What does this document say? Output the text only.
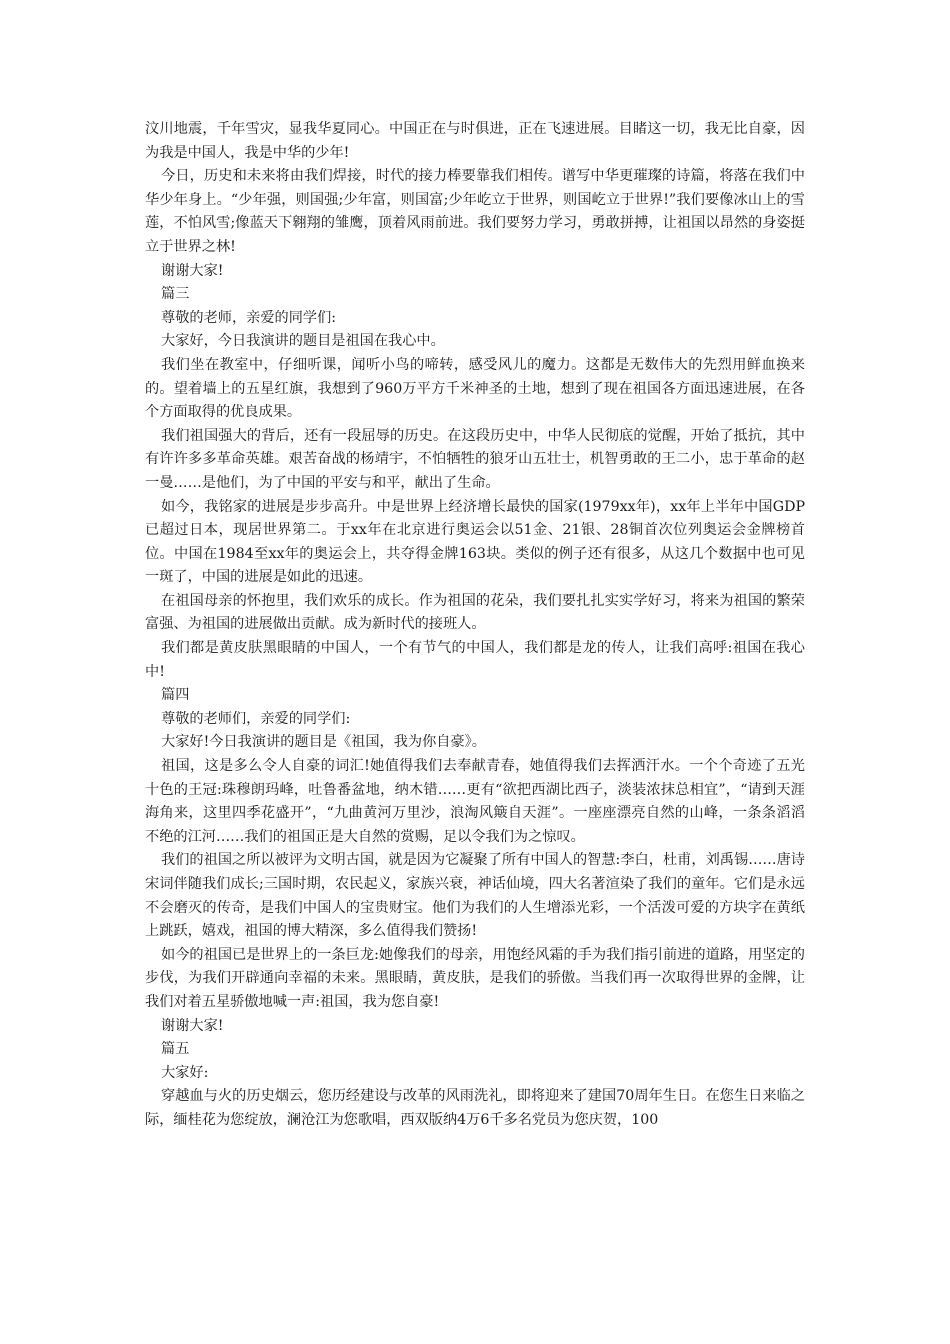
汶川地震，千年雪灾，显我华夏同心。中国正在与时俱进，正在飞速进展。目睹这一切，我无比自豪，因为我是中国人，我是中华的少年!

今日，历史和未来将由我们焊接，时代的接力棒要靠我们相传。谱写中华更璀璨的诗篇，将落在我们中华少年身上。“少年强，则国强;少年富，则国富;少年屹立于世界，则国屹立于世界!”我们要像冰山上的雪莲，不怕风雪;像蓝天下翱翔的雏鹰，顶着风雨前进。我们要努力学习，勇敢拼搏，让祖国以昂然的身姿挺立于世界之林!

谢谢大家!

篇三

尊敬的老师，亲爱的同学们:

大家好，今日我演讲的题目是祖国在我心中。

我们坐在教室中，仔细听课，闻听小鸟的啼转，感受风儿的魔力。这都是无数伟大的先烈用鲜血换来的。望着墙上的五星红旗，我想到了960万平方千米神圣的土地，想到了现在祖国各方面迅速进展，在各个方面取得的优良成果。

我们祖国强大的背后，还有一段屈辱的历史。在这段历史中，中华人民彻底的觉醒，开始了抵抗，其中有许许多多革命英雄。艰苦奋战的杨靖宇，不怕牺牲的狼牙山五壮士，机智勇敢的王二小，忠于革命的赵一曼……是他们，为了中国的平安与和平，献出了生命。

如今，我铭家的进展是步步高升。中是世界上经济增长最快的国家(1979xx年)，xx年上半年中国GDP已超过日本，现居世界第二。于xx年在北京进行奥运会以51金、21银、28铜首次位列奥运会金牌榜首位。中国在1984至xx年的奥运会上，共夺得金牌163块。类似的例子还有很多，从这几个数据中也可见一斑了，中国的进展是如此的迅速。

在祖国母亲的怀抱里，我们欢乐的成长。作为祖国的花朵，我们要扎扎实实学好习，将来为祖国的繁荣富强、为祖国的进展做出贡献。成为新时代的接班人。

我们都是黄皮肤黑眼睛的中国人，一个有节气的中国人，我们都是龙的传人，让我们高呼:祖国在我心中!

篇四

尊敬的老师们，亲爱的同学们:

大家好!今日我演讲的题目是《祖国，我为你自豪》。

祖国，这是多么令人自豪的词汇!她值得我们去奉献青春，她值得我们去挥洒汗水。一个个奇迹了五光十色的王冠:珠穆朗玛峰，吐鲁番盆地，纳木错……更有“欲把西湖比西子，淡装浓抹总相宜”，“请到天涯海角来，这里四季花盛开”，“九曲黄河万里沙，浪淘风簸自天涯”。一座座漂亮自然的山峰，一条条滔滔不绝的江河……我们的祖国正是大自然的赏赐，足以令我们为之惊叹。

我们的祖国之所以被评为文明古国，就是因为它凝聚了所有中国人的智慧:李白，杜甫，刘禹锡……唐诗宋词伴随我们成长;三国时期，农民起义，家族兴衰，神话仙境，四大名著渲染了我们的童年。它们是永远不会磨灭的传奇，是我们中国人的宝贵财宝。他们为我们的人生增添光彩，一个活泼可爱的方块字在黄纸上跳跃，嬉戏，祖国的博大精深，多么值得我们赞扬!

如今的祖国已是世界上的一条巨龙:她像我们的母亲，用饱经风霜的手为我们指引前进的道路，用坚定的步伐，为我们开辟通向幸福的未来。黑眼睛，黄皮肤，是我们的骄傲。当我们再一次取得世界的金牌，让我们对着五星骄傲地喊一声:祖国，我为您自豪!

谢谢大家!

篇五

大家好:

穿越血与火的历史烟云，您历经建设与改革的风雨洗礼，即将迎来了建国70周年生日。在您生日来临之际，缅桂花为您绽放，澜沧江为您歌唱，西双版纳4万6千多名党员为您庆贺，100
